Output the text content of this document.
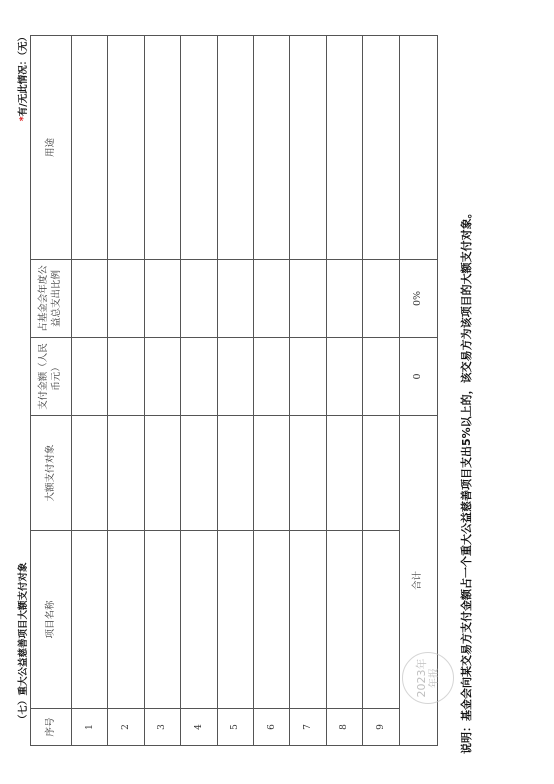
（七）重大公益慈善项目大额支付对象
*有/无此情况：（无）
序号	项目名称	大额支付对象	支付金额（人民币元）	占基金会年度公益总支出比例	用途
1					
2					
3					
4					
5					
6					
7					
8					
9					
合计			0	0%		说明：基金会向某交易方支付金额占一个重大公益慈善项目支出5%以上的，该交易方为该项目的大额支付对象。
2023年 年报
